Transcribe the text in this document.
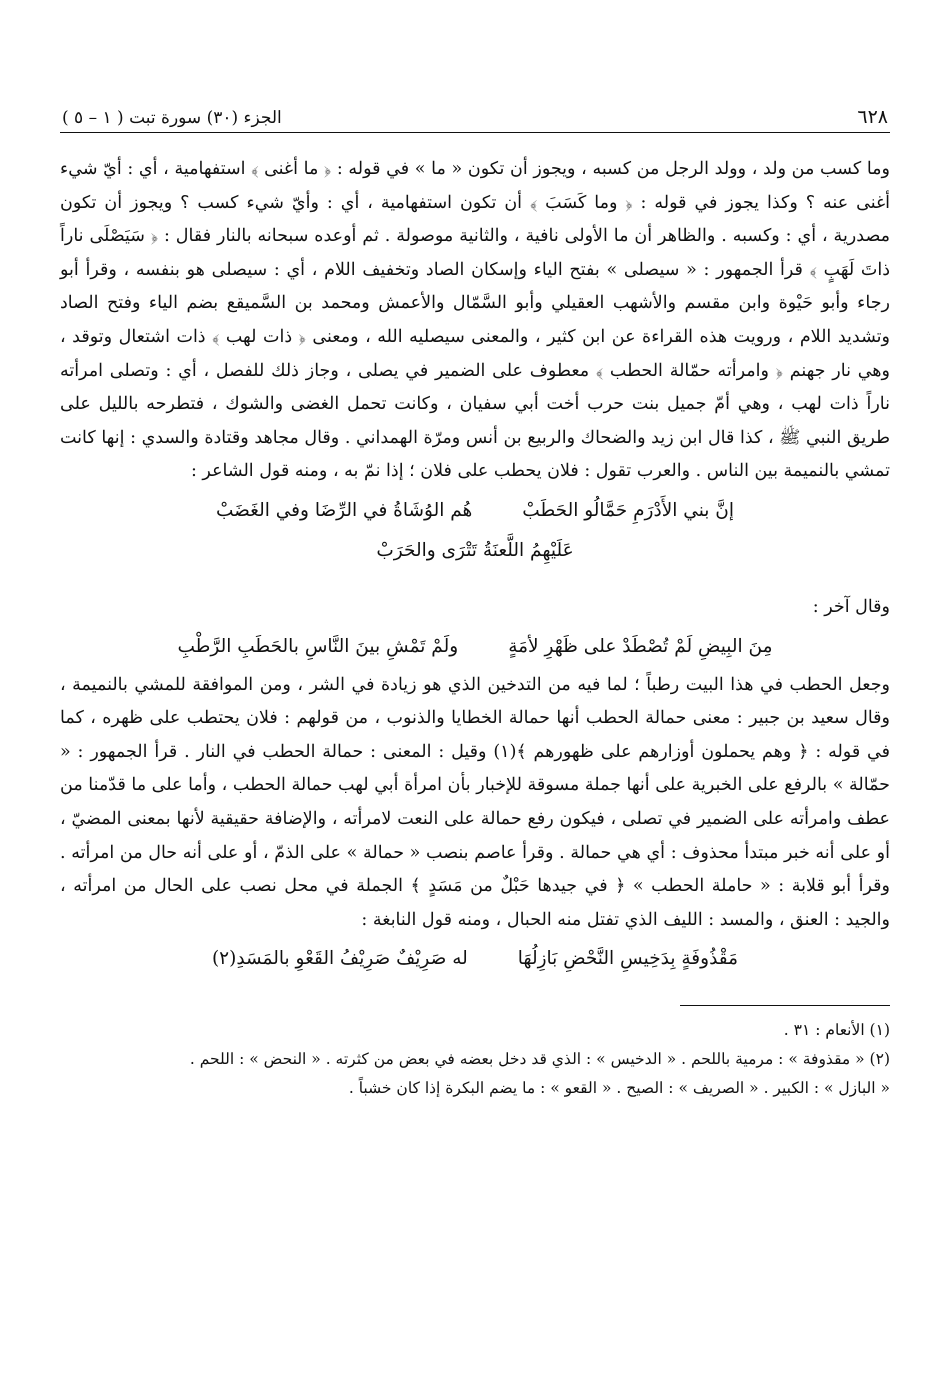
٦٢٨
الجزء (٣٠) سورة تبت ( ١ – ٥ )

وما كسب من ولد ، وولد الرجل من كسبه ، ويجوز أن تكون « ما » في قوله : ﴿ ما أغنى ﴾ استفهامية ، أي : أيّ شيء أغنى عنه ؟ وكذا يجوز في قوله : ﴿ وما كَسَبَ ﴾ أن تكون استفهامية ، أي : وأيّ شيء كسب ؟ ويجوز أن تكون مصدرية ، أي : وكسبه . والظاهر أن ما الأولى نافية ، والثانية موصولة . ثم أوعده سبحانه بالنار فقال : ﴿ سَيَصْلَى ناراً ذاتَ لَهَبٍ ﴾ قرأ الجمهور : « سيصلى » بفتح الياء وإسكان الصاد وتخفيف اللام ، أي : سيصلى هو بنفسه ، وقرأ أبو رجاء وأبو حَيْوة وابن مقسم والأشهب العقيلي وأبو السَّمّال والأعمش ومحمد بن السَّميقع بضم الياء وفتح الصاد وتشديد اللام ، ورويت هذه القراءة عن ابن كثير ، والمعنى سيصليه الله ، ومعنى ﴿ ذات لهب ﴾ ذات اشتعال وتوقد ، وهي نار جهنم ﴿ وامرأته حمّالة الحطب ﴾ معطوف على الضمير في يصلى ، وجاز ذلك للفصل ، أي : وتصلى امرأته ناراً ذات لهب ، وهي أمّ جميل بنت حرب أخت أبي سفيان ، وكانت تحمل الغضى والشوك ، فتطرحه بالليل على طريق النبي ﷺ ، كذا قال ابن زيد والضحاك والربيع بن أنس ومرّة الهمداني . وقال مجاهد وقتادة والسدي : إنها كانت تمشي بالنميمة بين الناس . والعرب تقول : فلان يحطب على فلان ؛ إذا نمّ به ، ومنه قول الشاعر :

إنَّ بني الأَدْرَمِ حَمَّالُو الحَطَبْ
هُم الوُشَاةُ في الرِّضَا وفي الغَضَبْ
عَلَيْهِمُ اللَّعنَةُ تَتْرَى والحَرَبْ

وقال آخر :

مِنَ البِيضِ لَمْ تُصْطَدْ على ظَهْرِ لأمَةٍ
ولَمْ تَمْشِ بينَ النَّاسِ بالحَطَبِ الرَّطْبِ

وجعل الحطب في هذا البيت رطباً ؛ لما فيه من التدخين الذي هو زيادة في الشر ، ومن الموافقة للمشي بالنميمة ، وقال سعيد بن جبير : معنى حمالة الحطب أنها حمالة الخطايا والذنوب ، من قولهم : فلان يحتطب على ظهره ، كما في قوله : ﴿ وهم يحملون أوزارهم على ظهورهم ﴾(١) وقيل : المعنى : حمالة الحطب في النار . قرأ الجمهور : « حمّالة » بالرفع على الخبرية على أنها جملة مسوقة للإخبار بأن امرأة أبي لهب حمالة الحطب ، وأما على ما قدّمنا من عطف وامرأته على الضمير في تصلى ، فيكون رفع حمالة على النعت لامرأته ، والإضافة حقيقية لأنها بمعنى المضيّ ، أو على أنه خبر مبتدأ محذوف : أي هي حمالة . وقرأ عاصم بنصب « حمالة » على الذمّ ، أو على أنه حال من امرأته . وقرأ أبو قلابة : « حاملة الحطب » ﴿ في جيدها حَبْلٌ من مَسَدٍ ﴾ الجملة في محل نصب على الحال من امرأته ، والجيد : العنق ، والمسد : الليف الذي تفتل منه الحبال ، ومنه قول النابغة :

مَقْذُوفَةٍ بِدَخِيسِ النَّحْضِ بَازِلُهَا
له صَرِيْفٌ صَرِيْفُ القَعْوِ بالمَسَدِ(٢)

(١) الأنعام : ٣١ .

(٢) « مقذوفة » : مرمية باللحم . « الدخيس » : الذي قد دخل بعضه في بعض من كثرته . « النحض » : اللحم .

« البازل » : الكبير . « الصريف » : الصيح . « القعو » : ما يضم البكرة إذا كان خشباً .
